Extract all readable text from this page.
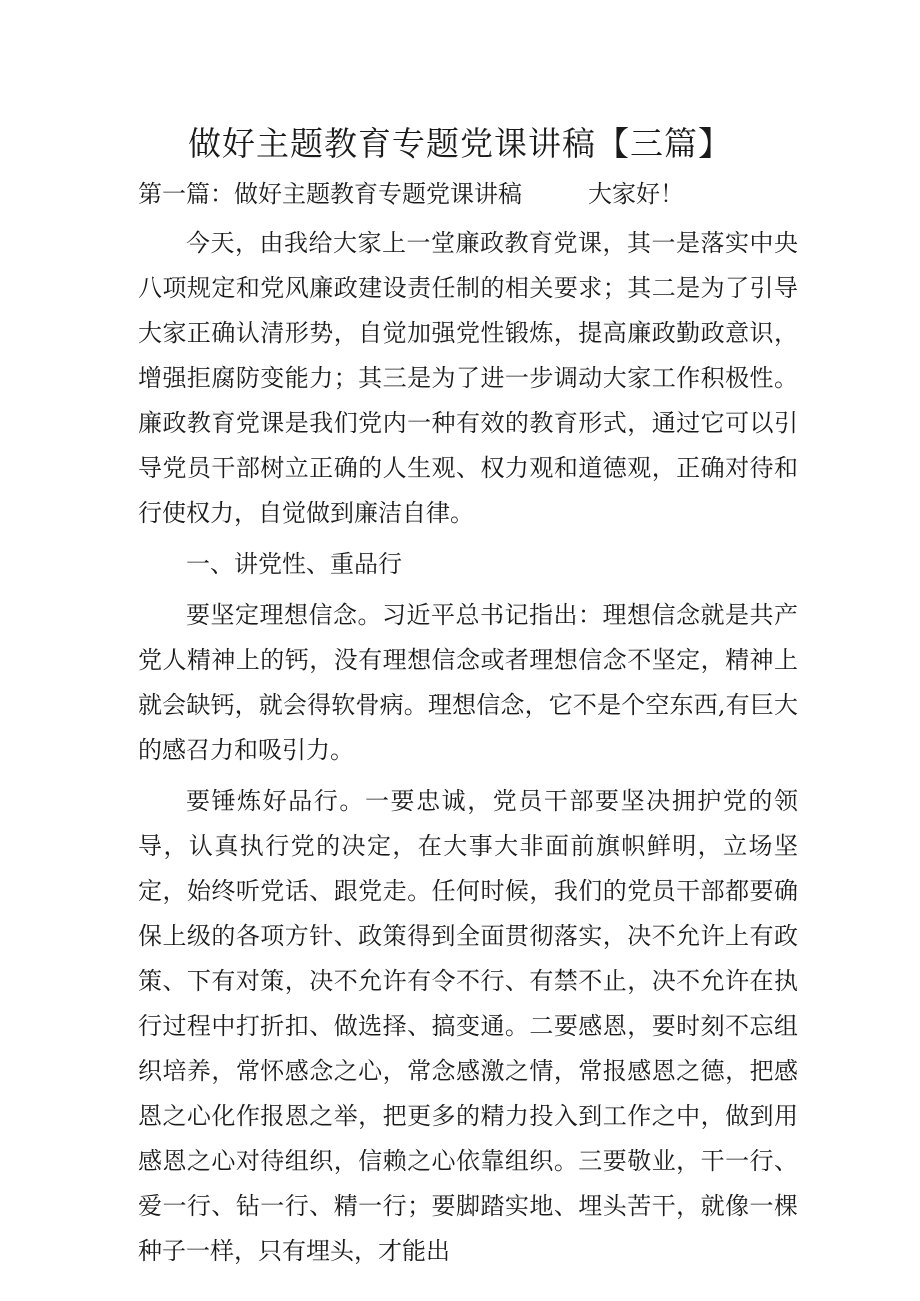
做好主题教育专题党课讲稿【三篇】

第一篇：做好主题教育专题党课讲稿	大家好！

今天，由我给大家上一堂廉政教育党课，其一是落实中央八项规定和党风廉政建设责任制的相关要求；其二是为了引导大家正确认清形势，自觉加强党性锻炼，提高廉政勤政意识，增强拒腐防变能力；其三是为了进一步调动大家工作积极性。廉政教育党课是我们党内一种有效的教育形式，通过它可以引导党员干部树立正确的人生观、权力观和道德观，正确对待和行使权力，自觉做到廉洁自律。

一、讲党性、重品行

要坚定理想信念。习近平总书记指出：理想信念就是共产党人精神上的钙，没有理想信念或者理想信念不坚定，精神上就会缺钙，就会得软骨病。理想信念，它不是个空东西,有巨大的感召力和吸引力。

要锤炼好品行。一要忠诚，党员干部要坚决拥护党的领导，认真执行党的决定，在大事大非面前旗帜鲜明，立场坚定，始终听党话、跟党走。任何时候，我们的党员干部都要确保上级的各项方针、政策得到全面贯彻落实，决不允许上有政策、下有对策，决不允许有令不行、有禁不止，决不允许在执行过程中打折扣、做选择、搞变通。二要感恩，要时刻不忘组织培养，常怀感念之心，常念感激之情，常报感恩之德，把感恩之心化作报恩之举，把更多的精力投入到工作之中，做到用感恩之心对待组织，信赖之心依靠组织。三要敬业，干一行、爱一行、钻一行、精一行；要脚踏实地、埋头苦干，就像一棵种子一样，只有埋头，才能出
